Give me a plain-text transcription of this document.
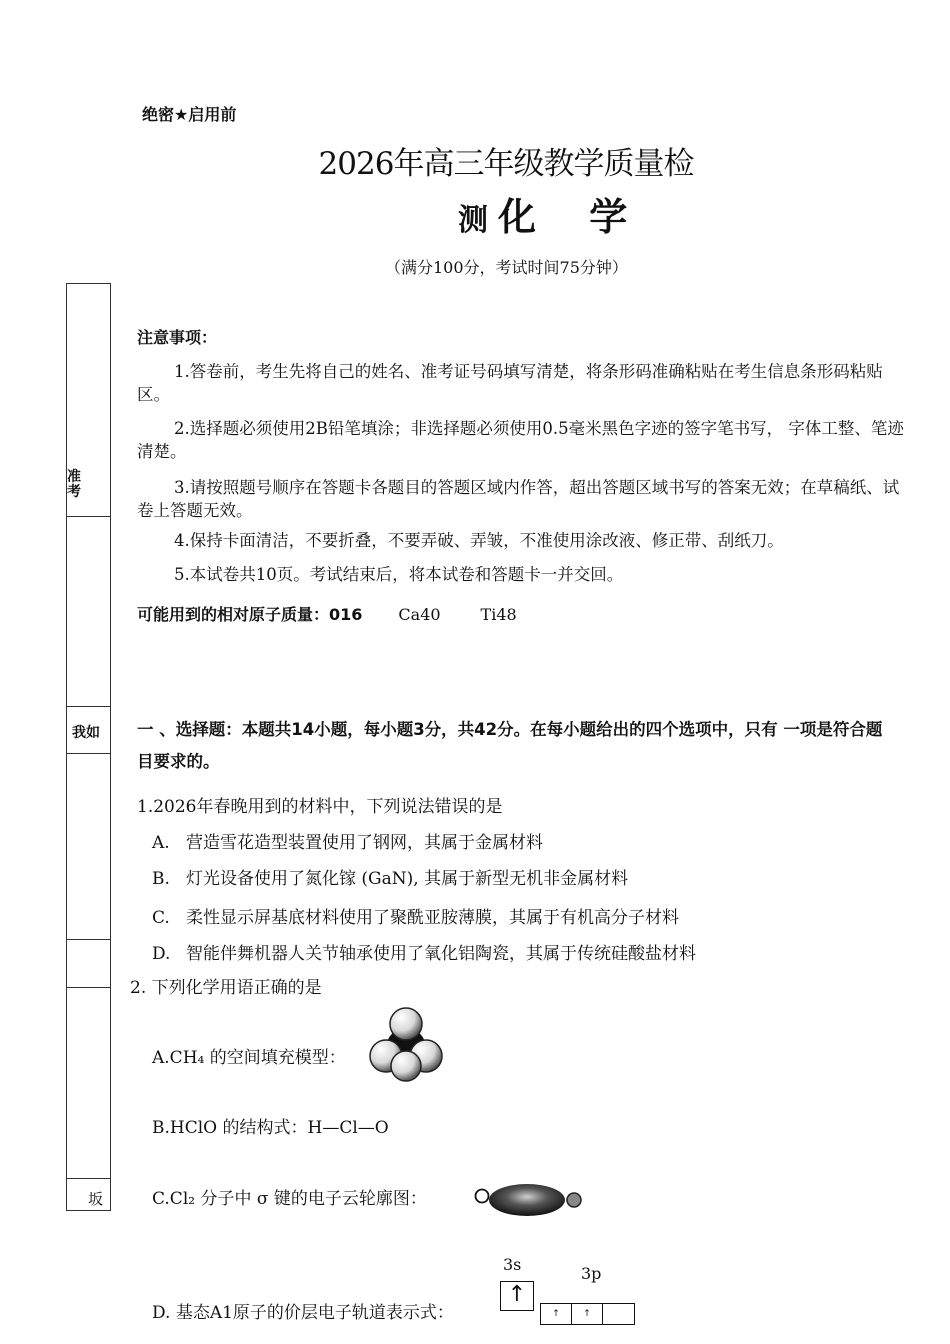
绝密★启用前
2026年高三年级教学质量检
测 化 学
（满分100分，考试时间75分钟）
准考
我如
坂
注意事项：
1.答卷前，考生先将自己的姓名、准考证号码填写清楚，将条形码准确粘贴在考生信息条形码粘贴区。
2.选择题必须使用2B铅笔填涂；非选择题必须使用0.5毫米黑色字迹的签字笔书写， 字体工整、笔迹清楚。
3.请按照题号顺序在答题卡各题目的答题区域内作答，超出答题区域书写的答案无效；在草稿纸、试卷上答题无效。
4.保持卡面清洁，不要折叠，不要弄破、弄皱，不准使用涂改液、修正带、刮纸刀。
5.本试卷共10页。考试结束后，将本试卷和答题卡一并交回。
可能用到的相对原子质量：016 Ca40	Ti48
一 、选择题：本题共14小题，每小题3分，共42分。在每小题给出的四个选项中，只有 一项是符合题目要求的。
1.2026年春晚用到的材料中，下列说法错误的是
A. 营造雪花造型装置使用了钢网，其属于金属材料
B. 灯光设备使用了氮化镓 (GaN), 其属于新型无机非金属材料
C. 柔性显示屏基底材料使用了聚酰亚胺薄膜，其属于有机高分子材料
D. 智能伴舞机器人关节轴承使用了氧化铝陶瓷，其属于传统硅酸盐材料
2. 下列化学用语正确的是
A.CH₄ 的空间填充模型：
B.HClO 的结构式：H—Cl—O
C.Cl₂ 分子中 σ 键的电子云轮廓图：
D. 基态A1原子的价层电子轨道表示式：
3s	3p
↑
↑	↑
